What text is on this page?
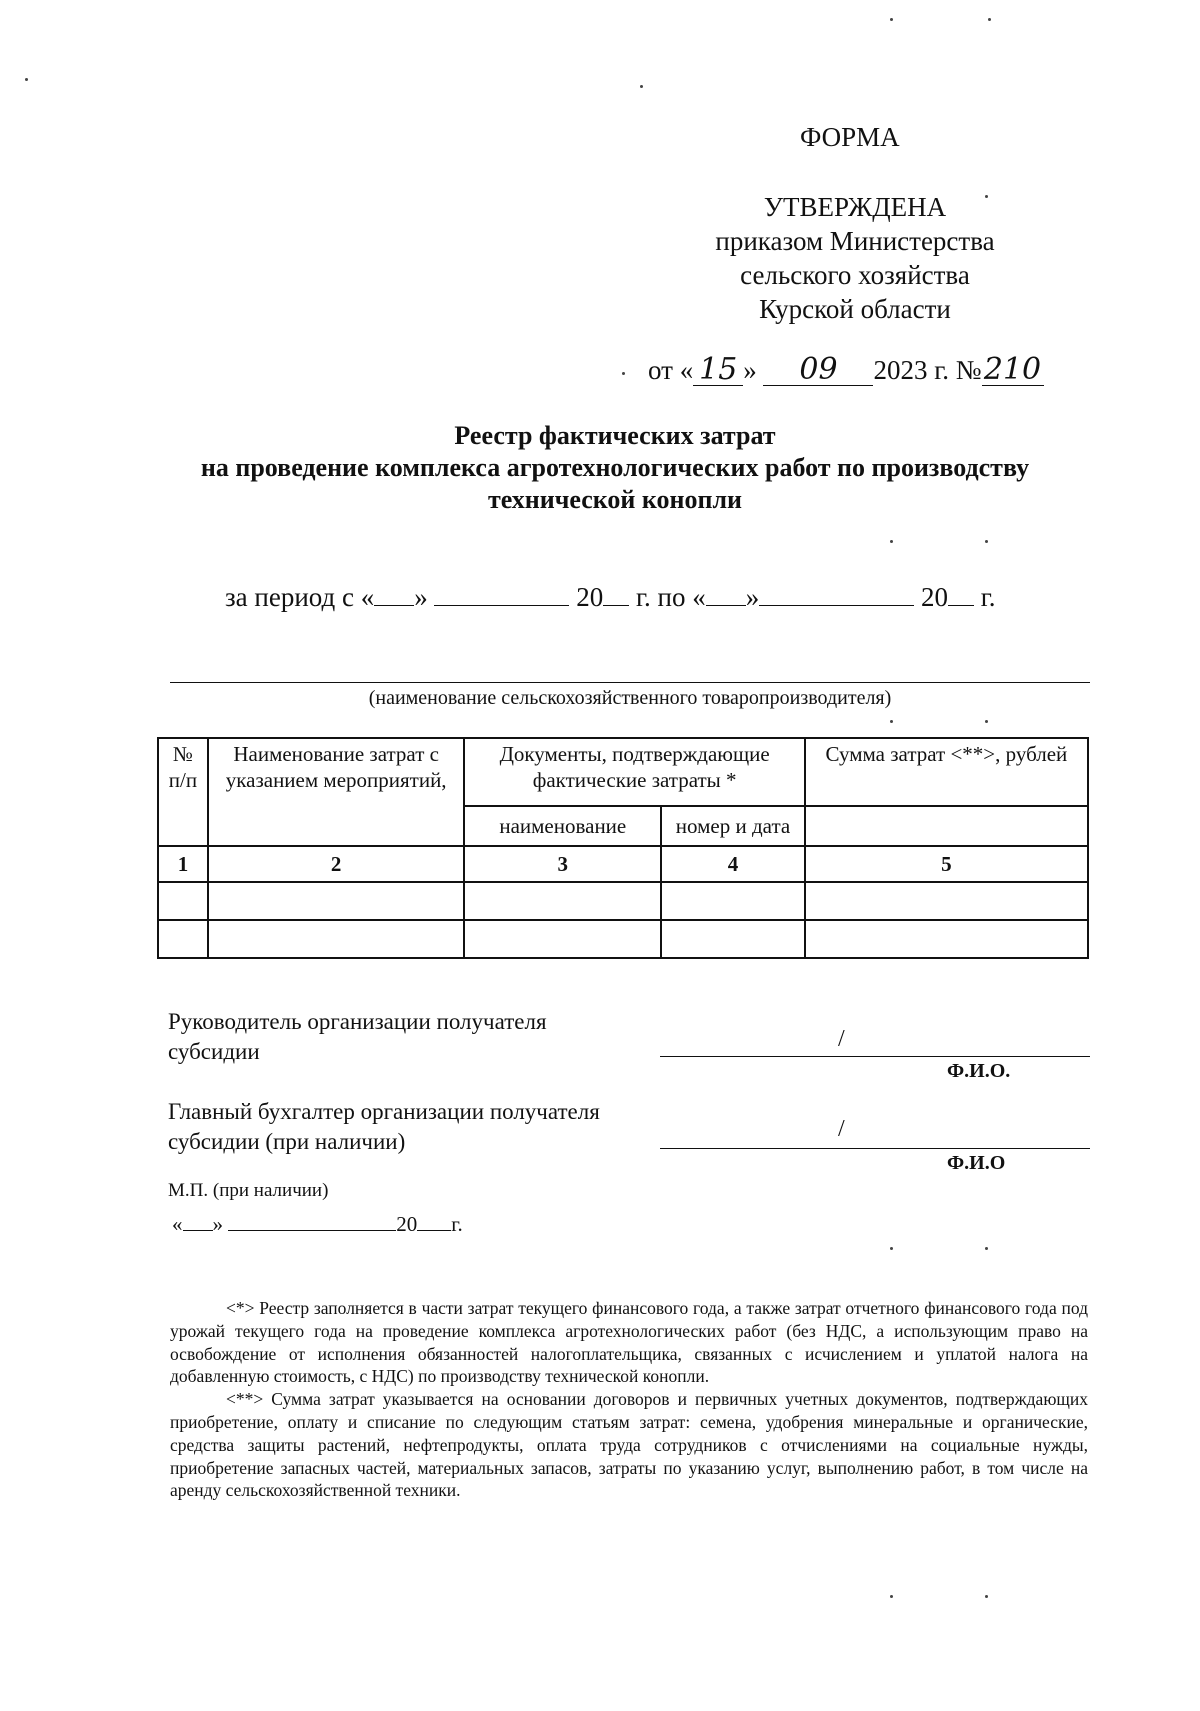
ФОРМА
УТВЕРЖДЕНА
приказом Министерства
сельского хозяйства
Курской области
от « 15 » 09 2023 г. №210
Реестр фактических затрат
на проведение комплекса агротехнологических работ по производству
технической конопли
за период с « »	20 г. по « »	20 г.
(наименование сельскохозяйственного товаропроизводителя)
№ п/п	Наименование затрат с указанием мероприятий,	Документы, подтверждающие фактические затраты *		Сумма затрат <**>, рублей
		наименование	номер и дата	
1	2	3	4	5

Руководитель организации получателя субсидии	/
Ф.И.О.
Главный бухгалтер организации получателя субсидии (при наличии)	/
Ф.И.О
М.П. (при наличии)
« »	20 г.

<*> Реестр заполняется в части затрат текущего финансового года, а также затрат отчетного финансового года под урожай текущего года на проведение комплекса агротехнологических работ (без НДС, а использующим право на освобождение от исполнения обязанностей налогоплательщика, связанных с исчислением и уплатой налога на добавленную стоимость, с НДС) по производству технической конопли.

<**> Сумма затрат указывается на основании договоров и первичных учетных документов, подтверждающих приобретение, оплату и списание по следующим статьям затрат: семена, удобрения минеральные и органические, средства защиты растений, нефтепродукты, оплата труда сотрудников с отчислениями на социальные нужды, приобретение запасных частей, материальных запасов, затраты по указанию услуг, выполнению работ, в том числе на аренду сельскохозяйственной техники.
